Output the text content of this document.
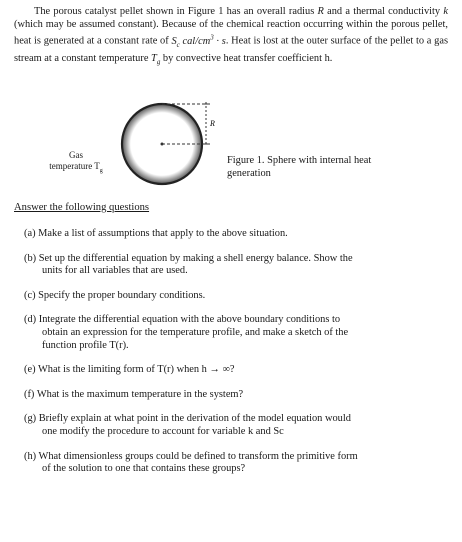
The porous catalyst pellet shown in Figure 1 has an overall radius R and a thermal conductivity k (which may be assumed constant). Because of the chemical reaction occurring within the porous pellet, heat is generated at a constant rate of $S_c$ cal/$cm^3 \cdot s$. Heat is lost at the outer surface of the pellet to a gas stream at a constant temperature $T_g$ by convective heat transfer coefficient h.

R
Gas
temperature $T_g$
Figure 1. Sphere with internal heat
generation

Answer the following questions

(a) Make a list of assumptions that apply to the above situation.
(b) Set up the differential equation by making a shell energy balance. Show the
units for all variables that are used.
(c) Specify the proper boundary conditions.
(d) Integrate the differential equation with the above boundary conditions to
obtain an expression for the temperature profile, and make a sketch of the
function profile T(r).
(e) What is the limiting form of T(r) when h → ∞?
(f) What is the maximum temperature in the system?
(g) Briefly explain at what point in the derivation of the model equation would
one modify the procedure to account for variable k and Sc
(h) What dimensionless groups could be defined to transform the primitive form
of the solution to one that contains these groups?
